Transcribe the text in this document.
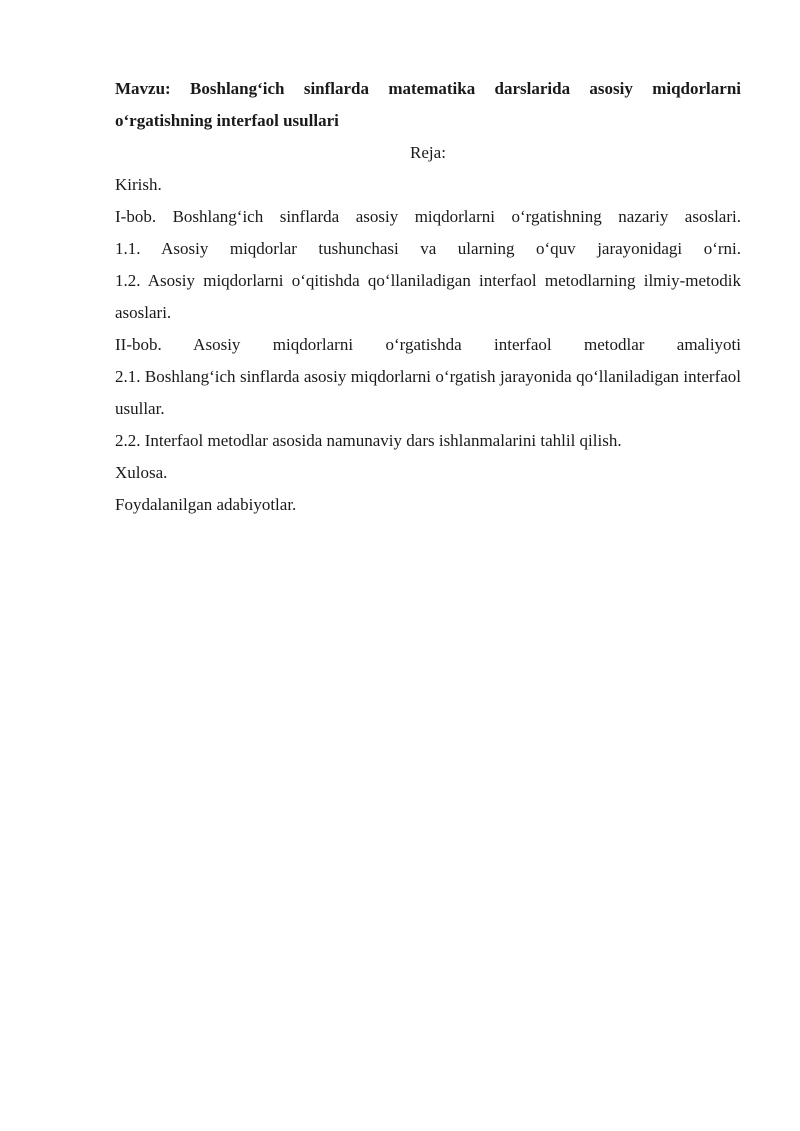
Mavzu: Boshlang‘ich sinflarda matematika darslarida asosiy miqdorlarni o‘rgatishning interfaol usullari

Reja:

Kirish.

I-bob. Boshlang‘ich sinflarda asosiy miqdorlarni o‘rgatishning nazariy asoslari.

1.1. Asosiy miqdorlar tushunchasi va ularning o‘quv jarayonidagi o‘rni.

1.2. Asosiy miqdorlarni o‘qitishda qo‘llaniladigan interfaol metodlarning ilmiy-metodik asoslari.

II-bob. Asosiy miqdorlarni o‘rgatishda interfaol metodlar amaliyoti

2.1. Boshlang‘ich sinflarda asosiy miqdorlarni o‘rgatish jarayonida qo‘llaniladigan interfaol usullar.

2.2. Interfaol metodlar asosida namunaviy dars ishlanmalarini tahlil qilish.

Xulosa.

Foydalanilgan adabiyotlar.
